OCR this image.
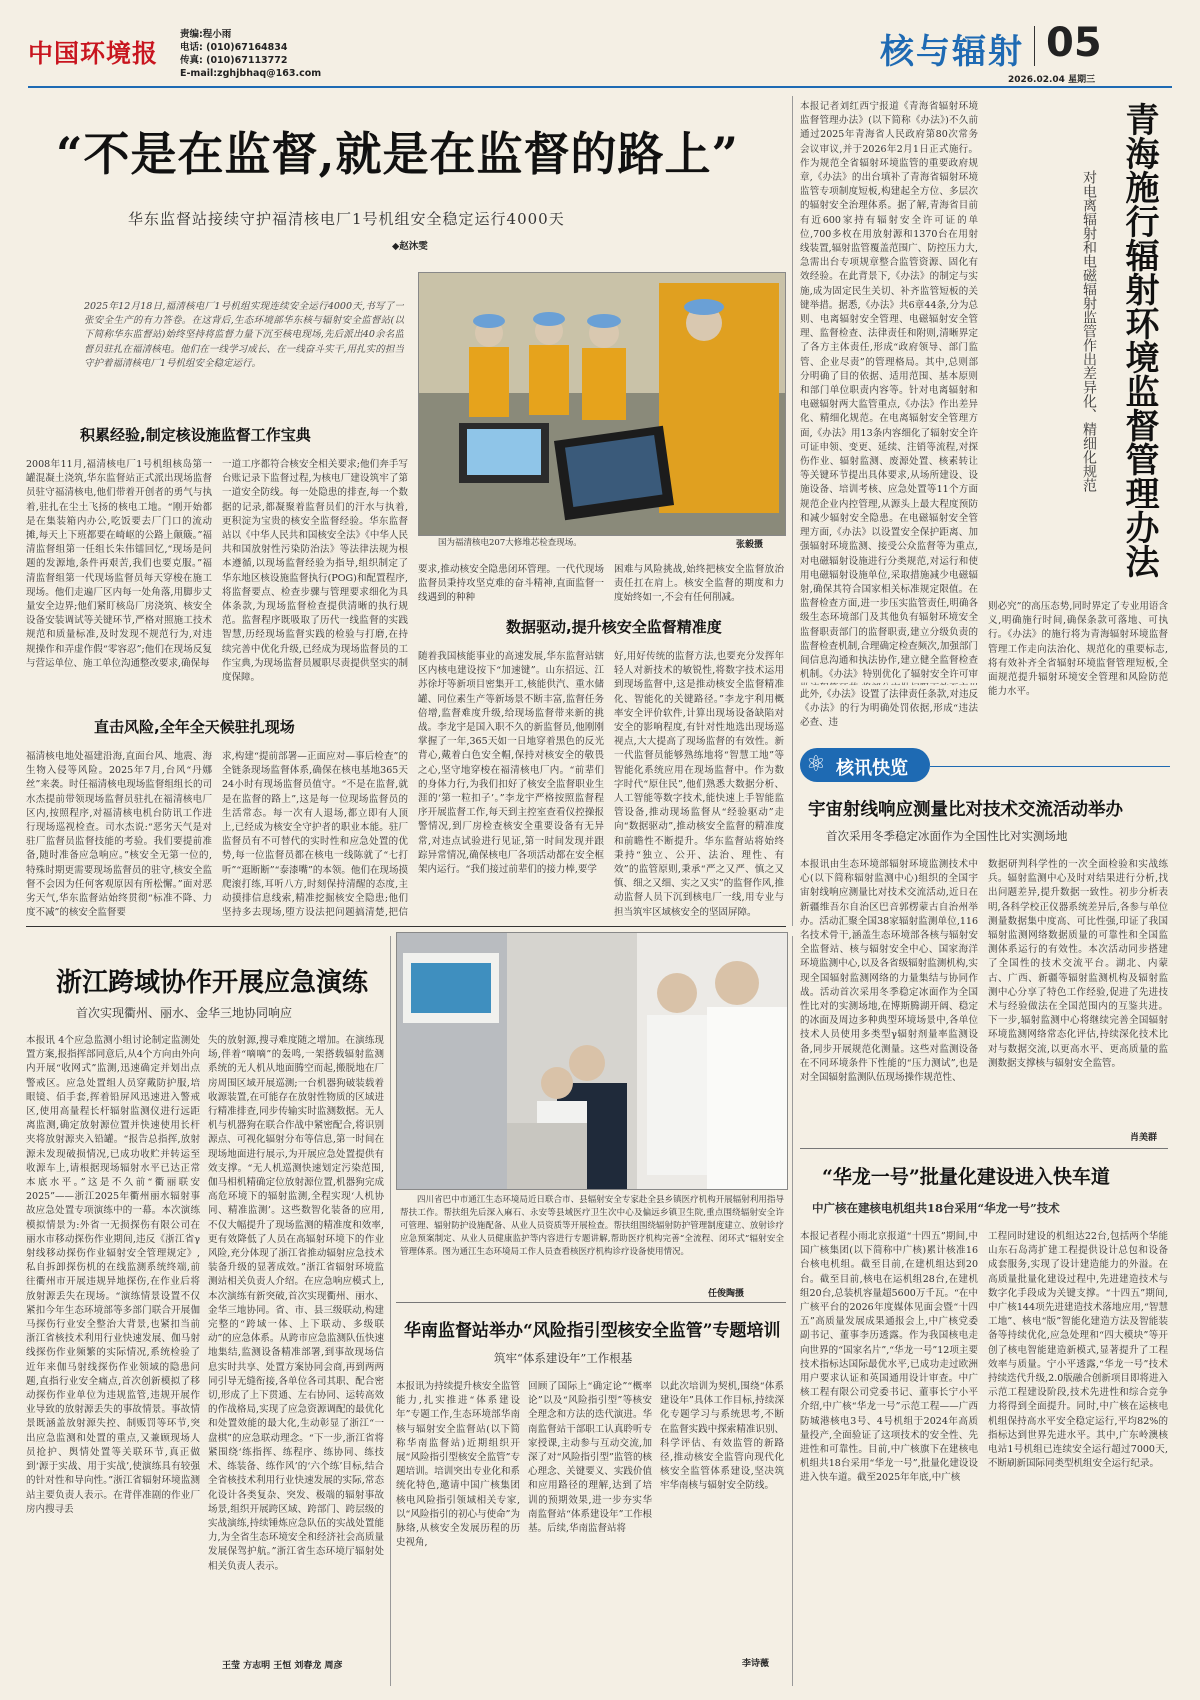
中国环境报
责编:程小雨
电话: (010)67164834
传真: (010)67113772
E-mail:zghjbhaq@163.com
核与辐射 05
2026.02.04 星期三
“不是在监督,就是在监督的路上”
华东监督站接续守护福清核电厂1号机组安全稳定运行4000天
◆赵沐雯
2025年12月18日,福清核电厂1号机组实现连续安全运行4000天,书写了一张安全生产的有力答卷。在这背后,生态环境部华东核与辐射安全监督站(以下简称华东监督站)始终坚持将监督力量下沉至核电现场,先后派出40余名监督员驻扎在福清核电。他们在一线学习成长、在一线奋斗实干,用扎实的担当守护着福清核电厂1号机组安全稳定运行。
国为福清核电207大修堆芯检查现场。	张毅摄
积累经验,制定核设施监督工作宝典
2008年11月,福清核电厂1号机组核岛第一罐混凝土浇筑,华东监督站正式派出现场监督员驻守福清核电,他们带着开创者的勇气与执着,驻扎在尘土飞扬的核电工地。“刚开始都是在集装箱内办公,吃饭要去厂门口的流动摊,每天上下班都要在崎岖的公路上颠簸。”福清监督组第一任组长朱伟镭回忆,“现场是问题的发源地,条件再艰苦,我们也要克服。”福清监督组第一代现场监督员每天穿梭在施工现场。他们走遍厂区内每一处角落,用脚步丈量安全边界;他们紧盯核岛厂房浇筑、核安全设备安装调试等关键环节,严格对照施工技术规范和质量标准,及时发现不规范行为,对违规操作和弄虚作假“零容忍”;他们在现场反复与营运单位、施工单位沟通整改要求,确保每
一道工序都符合核安全相关要求;他们奔手写台账记录下监督过程,为核电厂建设筑牢了第一道安全防线。每一处隐患的排查,每一个数据的记录,都凝聚着监督员们的汗水与执着,更积淀为宝贵的核安全监督经验。华东监督站以《中华人民共和国核安全法》《中华人民共和国放射性污染防治法》等法律法规为根本遵循,以现场监督经验为指导,组织制定了华东地区核设施监督执行(POG)和配置程序,将监督要点、检查步骤与管理要求细化为具体条款,为现场监督检查提供清晰的执行规范。监督程序既吸取了历代一线监督的实践智慧,历经现场监督实践的检验与打磨,在持续完善中优化升级,已经成为现场监督员的工作宝典,为现场监督员履职尽责提供坚实的制度保障。
直击风险,全年全天候驻扎现场
福清核电地处福建沿海,直面台风、地震、海生物入侵等风险。2025年7月,台风“丹娜丝”来袭。时任福清核电现场监督组组长的司水杰提前带领现场监督员驻扎在福清核电厂区内,按照程序,对福清核电机台防讯工作进行现场巡视检查。司水杰说:“恶劣天气是对驻厂监督员监督技能的考验。我们要提前准备,随时准备应急响应。”核安全无第一位的,特殊时期更需要现场监督员的驻守,核安全监督不会因为任何客观原因有所松懈。”面对恶劣天气,华东监督站始终贯彻“标准不降、力度不减”的核安全监督要
求,构建“提前部署—正面应对—事后检查”的全链条现场监督体系,确保在核电基地365天24小时有现场监督员值守。“不是在监督,就是在监督的路上”,这是每一位现场监督员的生活常态。每一次有人退场,都立即有人顶上,已经成为核安全守护者的职业本能。驻厂监督员有不可替代的实时性和应急处置的优势,每一位监督员都在核电一线陈就了“七打听”“逛断断”“泰漆嘴”的本领。他们在现场摸爬滚打练,耳听八方,时刻保持清醒的态度,主动摸排信息线索,精准挖掘核安全隐患;他们坚持多去现场,堕方设法把问题搞清楚,把信
要求,推动核安全隐患闭环管理。一代代现场监督员秉持攻坚克难的奋斗精神,直面监督一线遇到的种种
困难与风险挑战,始终把核安全监督放治责任扛在肩上。核安全监督的期度和力度始终如一,不会有任何削减。
数据驱动,提升核安全监督精准度
随着我国核能事业的高速发展,华东监督站辖区内核电建设按下“加速键”。山东招远、江苏徐圩等新项目密集开工,核能供汽、重水储罐、同位素生产等新场景不断丰富,监督任务倍增,监督难度升级,给现场监督带来新的挑战。李龙宇是国入职不久的新监督员,他刚刚掌握了一年,365天如一日地穿着黑色的反光背心,戴着白色安全帽,保持对核安全的敬畏之心,坚守地穿梭在福清核电厂内。“前辈们的身体力行,为我们扣好了核安全监督职业生涯的‘第一粒扣子’。”李龙宇严格按照监督程序开展监督工作,每天到主控室查看仪控操报警情况,到厂房检查核安全重要设备有无异常,对违点试验进行见证,第一时间发现并跟踪异常情况,确保核电厂各项活动都在安全框架内运行。“我们接过前辈们的接力棒,要学
好,用好传统的监督方法,也要充分发挥年轻人对新技术的敏锐性,将数字技术运用到现场监督中,这是推动核安全监督精准化、智能化的关键路径。”李龙宇利用概率安全评价软件,计算出现场设备缺陷对安全的影响程度,有针对性地选出现场巡视点,大大提高了现场监督的有效性。新一代监督员能够熟练地将“智慧工地”等智能化系统应用在现场监督中。作为数字时代“原住民”,他们熟悉大数据分析、人工智能等数字技术,能快速上手智能监管设备,推动现场监督从“经验驱动”走向“数据驱动”,推动核安全监督的精准度和前瞻性不断提升。华东监督站将始终秉持“独立、公开、法治、理性、有效”的监管原则,秉承“严之又严、慎之又慎、细之又细、实之又实”的监督作风,推动监督人员下沉到核电厂一线,用专业与担当筑牢区域核安全的坚固屏障。
本报记者刘红西宁报道《青海省辐射环境监督管理办法》(以下简称《办法》)不久前通过2025年青海省人民政府第80次常务会议审议,并于2026年2月1日正式施行。作为规范全省辐射环境监管的重要政府规章,《办法》的出台填补了青海省辐射环境监管专项制度短板,构建起全方位、多层次的辐射安全治理体系。据了解,青海省目前有近600家持有辐射安全许可证的单位,700多枚在用放射源和1370台在用射线装置,辐射监管覆盖范围广、防控压力大,急需出台专项规章整合监管资源、固化有效经验。在此背景下,《办法》的制定与实施,成为固定民生关切、补齐监管短板的关键举措。据悉,《办法》共6章44条,分为总则、电离辐射安全管理、电磁辐射安全管理、监督检查、法律责任和附则,清晰界定了各方主体责任,形成“政府领导、部门监管、企业尽责”的管理格局。其中,总则部分明确了目的依据、适用范围、基本原则和部门单位职责内容等。针对电离辐射和电磁辐射两大监管重点,《办法》作出差异化、精细化规范。在电离辐射安全管理方面,《办法》用13条内容细化了辐射安全许可证申领、变更、延续、注销等流程,对探伤作业、辐射监测、废源处置、核素转让等关键环节提出具体要求,从场所建设、设施设备、培训考核、应急处置等11个方面规范企业内控管理,从源头上最大程度预防和减少辐射安全隐患。在电磁辐射安全管理方面,《办法》以设置安全保护距离、加强辐射环境监测、接受公众监督等为重点,对电磁辐射设施进行分类规范,对运行和使用电磁辐射设施单位,采取措施减少电磁辐射,确保其符合国家相关标准规定限值。在监督检查方面,进一步压实监管责任,明确各级生态环境部门及其他负有辐射环境安全监督职责部门的监督职责,建立分级负责的监督检查机制,合理确定检查频次,加强部门间信息沟通和执法协作,建立健全监督检查机制。《办法》特别优化了辐射安全许可审
青海施行辐射环境监督管理办法
对电离辐射和电磁辐射监管作出差异化、精细化规范
此外,《办法》设置了法律责任条款,对违反《办法》的行为明确处罚依据,形成“违法必查、违
则必究”的高压态势,同时界定了专业用语含义,明确施行时间,确保条款可落地、可执行。《办法》的施行将为青海辐射环境监督管理工作走向法治化、规范化的重要标志,将有效补齐全省辐射环境监督管理短板,全面规范提升辐射环境安全管理和风险防范能力水平。
⚛ 核讯快览
宇宙射线响应测量比对技术交流活动举办
首次采用冬季稳定冰面作为全国性比对实测场地
本报讯由生态环境部辐射环境监测技术中心(以下简称辐射监测中心)组织的全国宇宙射线响应测量比对技术交流活动,近日在新疆维吾尔自治区巴音郭楞蒙古自治州举办。活动汇聚全国38家辐射监测单位,116名技术骨干,涵盖生态环境部各核与辐射安全监督站、核与辐射安全中心、国家海洋环境监测中心,以及各省级辐射监测机构,实现全国辐射监测网络的力量集结与协同作战。活动首次采用冬季稳定冰面作为全国性比对的实测场地,在博斯腾湖开阔、稳定的冰面及周边多种典型环境场景中,各单位技术人员使用多类型γ辐射剂量率监测设备,同步开展规范化测量。这些对监测设备在不同环境条件下性能的“压力测试”,也是对全国辐射监测队伍现场操作规范性、
数据研判科学性的一次全面检验和实战练兵。辐射监测中心及时对结果进行分析,找出问题差异,提升数据一致性。初步分析表明,各科学校正仪器系统差异后,各参与单位测量数据集中度高、可比性强,印证了我国辐射监测网络数据质量的可靠性和全国监测体系运行的有效性。本次活动同步搭建了全国性的技术交流平台。湖北、内蒙古、广西、新疆等辐射监测机构及辐射监测中心分享了特色工作经验,促进了先进技术与经验做法在全国范围内的互鉴共进。下一步,辐射监测中心将继续完善全国辐射环境监测网络常态化评估,持续深化技术比对与数据交流,以更高水平、更高质量的监测数据支撑核与辐射安全监管。
肖美群
浙江跨域协作开展应急演练
首次实现衢州、丽水、金华三地协同响应
本报讯 4个应急监测小组讨论制定监测处置方案,报指挥部同意后,从4个方向由外向内开展“收网式”监测,迅速确定并划出点警戒区。应急处置组人员穿戴防护服,培眼镜、佰手套,挥着铅屏风迅速进入警戒区,使用高量程长杆辐射监测仪进行远距离监测,确定放射源位置并快速使用长杆夹将放射源夹入铅罐。“报告总指挥,放射源未发现破损情况,已成功收贮并转运至收源车上,请根据现场辐射水平已达正常本底水平。”这是不久前“衢丽联安2025”——浙江2025年衢州丽水辐射事故应急处置专项演练中的一幕。本次演练模拟情景为:外省一无损探伤有限公司在丽水市移动探伤作业期间,违反《浙江省γ射线移动探伤作业辐射安全管理规定》,私自拆卸探伤机的在线监测系统终端,前往衢州市开展违规异地探伤,在作业后将放射源丢失在现场。“演练情景设置不仅紧扣今年生态环境部等多部门联合开展伽马探伤行业安全整治大背景,也紧扣当前浙江省核技术利用行业快速发展、伽马射线探伤作业频繁的实际情况,系统检验了近年来伽马射线探伤作业领域的隐患问题,直指行业安全痛点,首次创新模拟了移动探伤作业单位为违规监管,违规开展作业导致的放射源丢失的事故情景。事故情景既涵盖放射源失控、制贩罚等环节,突出应急监测和处置的重点,又兼顾现场人员抢护、舆情处置等关联环节,真正做到‘源于实战、用于实战’,使演练具有较强的针对性和导向性。”浙江省辐射环境监测站主要负责人表示。在背伴准剧的作业厂房内搜寻丢
失的放射源,搜寻难度随之增加。在演练现场,伴着“嘀嘀”的轰鸣,一架搭载辐射监测系统的无人机从地面腾空而起,搬脱地在厂房周围区域开展巡测;一台机器狗破装载着收源装置,在可能存在放射性物质的区域进行精准排查,同步传输实时监测数据。无人机与机器狗在联合作战中紧密配合,将识别源点、可视化辐射分布等信息,第一时间在现场地面进行展示,为开展应急处置提供有效支撑。“无人机巡测快速划定污染范围,伽马相机精确定位放射源位置,机器狗完成高危环境下的辐射监测,全程实现‘人机协同、精准监测’。这些数智化装备的应用,不仅大幅提升了现场监测的精准度和效率,更有效降低了人员在高辐射环境下的作业风险,充分体现了浙江省推动辐射应急技术装备升级的显著成效。”浙江省辐射环境监测站相关负责人介绍。在应急响应模式上,本次演练有新突破,首次实现衢州、丽水、金华三地协同。省、市、县三级联动,构建完整的“跨域一体、上下联动、多级联动”的应急体系。从跨市应急监测队伍快速地集结,监测设备精准部署,到事故现场信息实时共享、处置方案协同会商,再到两两同引导无缝衔接,各单位各司其职、配合密切,形成了上下贯通、左右协同、运转高效的作战格局,实现了应急资源调配的最优化和处置效能的最大化,生动彰显了浙江“一盘棋”的应急联动理念。“下一步,浙江省将紧围绕‘练指挥、练程序、练协同、练技术、练装备、练作风’的‘六个练’目标,结合全省核技术利用行业快速发展的实际,常态化设计各类复杂、突发、极端的辐射事故场景,组织开展跨区域、跨部门、跨层级的实战演练,持续锤炼应急队伍的实战处置能力,为全省生态环境安全和经济社会高质量发展保驾护航。”浙江省生态环境厅辐射处相关负责人表示。
王莹 方志明 王恒 刘春龙 周彦
四川省巴中市通江生态环境局近日联合市、县辐射安全专家赴全县乡镇医疗机构开展辐射利用指导帮扶工作。帮扶组先后深入麻石、永安等县域医疗卫生次中心及偏远乡镇卫生院,重点围绕辐射安全许可管理、辐射防护设施配备、从业人员资质等开展检查。帮扶组围绕辐射防护管理制度建立、放射诊疗应急预案制定、从业人员健康监护等内容进行专题讲解,帮助医疗机构完善“全流程、闭环式”辐射安全管理体系。图为通江生态环境局工作人员查看核医疗机构诊疗设备使用情况。
任俊陶摄
华南监督站举办“风险指引型核安全监管”专题培训
筑牢“体系建设年”工作根基
本报讯为持续提升核安全监管能力,扎实推进“体系建设年”专题工作,生态环境部华南核与辐射安全监督站(以下简称华南监督站)近期组织开展“风险指引型核安全监管”专题培训。培训突出专业化和系统化特色,邀请中国广核集团核电风险指引领域相关专家,以“风险指引的初心与使命”为脉络,从核安全发展历程的历史视角,
回顾了国际上“确定论”“概率论”以及“风险指引型”等核安全理念和方法的迭代演进。华南监督站干部职工认真聆听专家授课,主动参与互动交流,加深了对“风险指引型”监管的核心理念、关键要义、实践价值和应用路径的理解,达到了培训的预期效果,进一步夯实华南监督站“体系建设年”工作根基。后续,华南监督站将
以此次培训为契机,围绕“体系建设年”具体工作目标,持续深化专题学习与系统思考,不断在监督实践中探索精准识别、科学评估、有效监管的新路径,推动核安全监管向现代化核安全监管体系建设,坚决筑牢华南核与辐射安全防线。
李诗薇
“华龙一号”批量化建设进入快车道
中广核在建核电机组共18台采用“华龙一号”技术
本报记者程小雨北京报道“十四五”期间,中国广核集团(以下简称中广核)累计核准16台核电机组。截至目前,在建机组达到20台。截至目前,核电在运机组28台,在建机组20台,总装机容量超5600万千瓦。“在中广核平台的2026年度媒体见面会暨“十四五”高质量发展成果通报会上,中广核党委副书记、董事李历透露。作为我国核电走向世界的“国家名片”,“华龙一号”12项主要技术指标达国际最优水平,已成功走过欧洲用户要求认证和英国通用设计审查。中广核工程有限公司党委书记、董事长宁小平介绍,中广核“华龙一号”示范工程——广西防城港核电3号、4号机组于2024年高质量投产,全面验证了这项技术的安全性、先进性和可靠性。目前,中广核旗下在建核电机组共18台采用“华龙一号”,批量化建设设进入快车道。截至2025年年底,中广核
工程同时建设的机组达22台,包括两个华能山东石岛湾扩建工程提供设计总包和设备成套服务,实现了设计建造能力的外溢。在高质量批量化建设过程中,先进建造技术与数字化手段成为关键支撑。“十四五”期间,中广核144项先进建造技术落地应用,“智慧工地”、核电“版”智能化建造方法及智能装备等持续优化,应急处理和“四大模块”等开创了核电智能建造新模式,显著提升了工程效率与质量。宁小平透露,“华龙一号”技术持续迭代升级,2.0版融合创新项目即将进入示范工程建设阶段,技术先进性和综合竞争力将得到全面提升。同时,中广核在运核电机组保持高水平安全稳定运行,平均82%的指标达到世界先进水平。其中,广东岭澳核电站1号机组已连续安全运行超过7000天,不断刷新国际同类型机组安全运行纪录。
